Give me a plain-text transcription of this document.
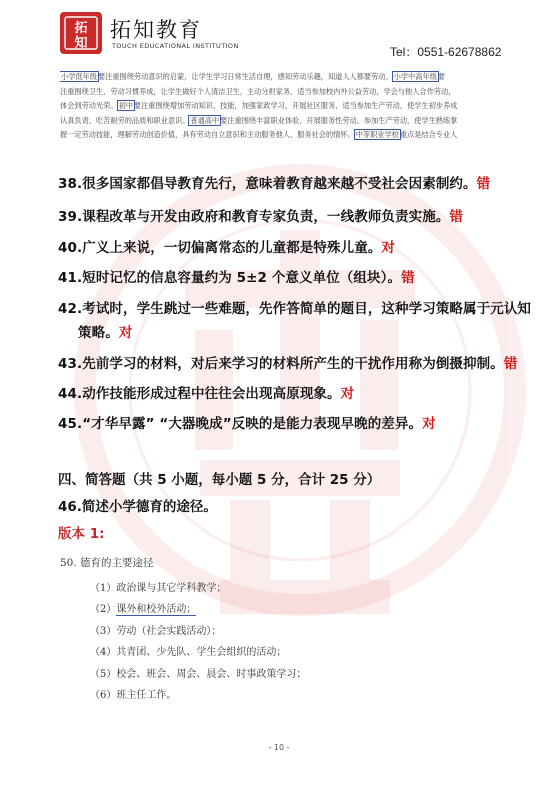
拓
知
拓知教育
TOUCH EDUCATIONAL INSTITUTION	Tel：0551-62678862
小学低年级要注重围绕劳动意识的启蒙，让学生学习日常生活自理，感知劳动乐趣，知道人人都要劳动。小学中高年级要
注重围绕卫生、劳动习惯养成，让学生做好个人清洁卫生，主动分担家务，适当参加校内外公益劳动，学会与他人合作劳动，
体会到劳动光荣。初中要注重围绕增加劳动知识、技能，加强家政学习，开展社区服务，适当参加生产劳动，使学生初步养成
认真负责、吃苦耐劳的品质和职业意识。普通高中要注重围绕丰富职业体验，开展服务性劳动、参加生产劳动，使学生熟练掌
握一定劳动技能，理解劳动创造价值，具有劳动自立意识和主动服务他人、服务社会的情怀。中等职业学校重点是结合专业人
38.很多国家都倡导教育先行，意味着教育越来越不受社会因素制约。错
39.课程改革与开发由政府和教育专家负责，一线教师负责实施。错
40.广义上来说，一切偏离常态的儿童都是特殊儿童。对
41.短时记忆的信息容量约为 5±2 个意义单位（组块）。错
42.考试时，学生跳过一些难题，先作答简单的题目，这种学习策略属于元认知
策略。对
43.先前学习的材料，对后来学习的材料所产生的干扰作用称为倒摄抑制。错
44.动作技能形成过程中往往会出现高原现象。对
45.“才华早露” “大器晚成”反映的是能力表现早晚的差异。对
四、简答题（共 5 小题，每小题 5 分，合计 25 分）
46.简述小学德育的途径。
版本 1:
50. 德育的主要途径
（1）政治课与其它学科教学；
（2）课外和校外活动；
（3）劳动（社会实践活动）；
（4）共青团、少先队、学生会组织的活动；
（5）校会、班会、周会、晨会、时事政策学习；
（6）班主任工作。
- 10 -
